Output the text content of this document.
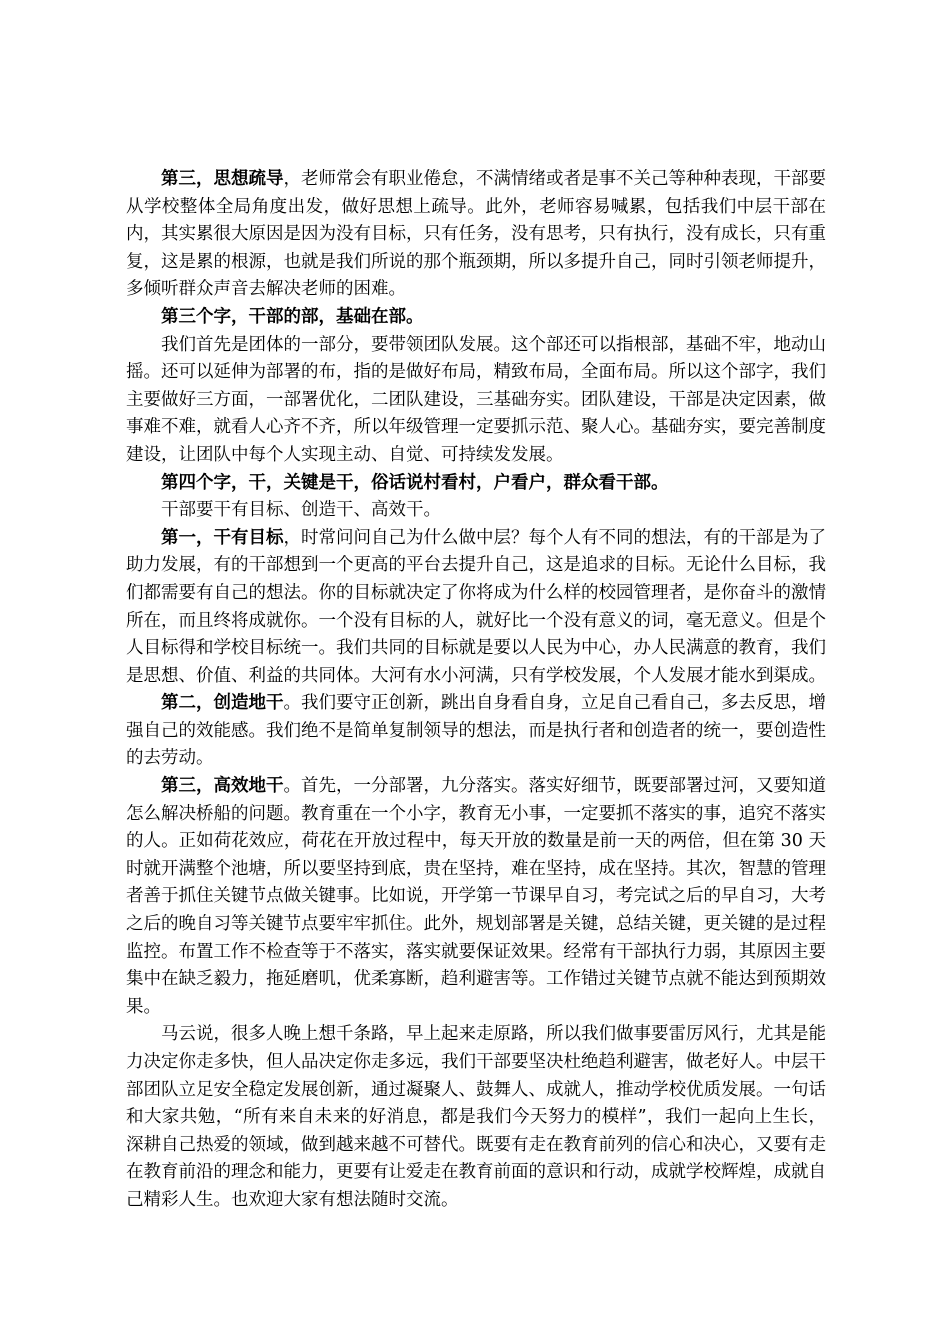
第三，思想疏导，老师常会有职业倦怠，不满情绪或者是事不关己等种种表现，干部要从学校整体全局角度出发，做好思想上疏导。此外，老师容易喊累，包括我们中层干部在内，其实累很大原因是因为没有目标，只有任务，没有思考，只有执行，没有成长，只有重复，这是累的根源，也就是我们所说的那个瓶颈期，所以多提升自己，同时引领老师提升，多倾听群众声音去解决老师的困难。

第三个字，干部的部，基础在部。

我们首先是团体的一部分，要带领团队发展。这个部还可以指根部，基础不牢，地动山摇。还可以延伸为部署的布，指的是做好布局，精致布局，全面布局。所以这个部字，我们主要做好三方面，一部署优化，二团队建设，三基础夯实。团队建设，干部是决定因素，做事难不难，就看人心齐不齐，所以年级管理一定要抓示范、聚人心。基础夯实，要完善制度建设，让团队中每个人实现主动、自觉、可持续发发展。

第四个字，干，关键是干，俗话说村看村，户看户，群众看干部。

干部要干有目标、创造干、高效干。

第一，干有目标，时常问问自己为什么做中层？每个人有不同的想法，有的干部是为了助力发展，有的干部想到一个更高的平台去提升自己，这是追求的目标。无论什么目标，我们都需要有自己的想法。你的目标就决定了你将成为什么样的校园管理者，是你奋斗的激情所在，而且终将成就你。一个没有目标的人，就好比一个没有意义的词，毫无意义。但是个人目标得和学校目标统一。我们共同的目标就是要以人民为中心，办人民满意的教育，我们是思想、价值、利益的共同体。大河有水小河满，只有学校发展，个人发展才能水到渠成。

第二，创造地干。我们要守正创新，跳出自身看自身，立足自己看自己，多去反思，增强自己的效能感。我们绝不是简单复制领导的想法，而是执行者和创造者的统一，要创造性的去劳动。

第三，高效地干。首先，一分部署，九分落实。落实好细节，既要部署过河，又要知道怎么解决桥船的问题。教育重在一个小字，教育无小事，一定要抓不落实的事，追究不落实的人。正如荷花效应，荷花在开放过程中，每天开放的数量是前一天的两倍，但在第 30 天时就开满整个池塘，所以要坚持到底，贵在坚持，难在坚持，成在坚持。其次，智慧的管理者善于抓住关键节点做关键事。比如说，开学第一节课早自习，考完试之后的早自习，大考之后的晚自习等关键节点要牢牢抓住。此外，规划部署是关键，总结关键，更关键的是过程监控。布置工作不检查等于不落实，落实就要保证效果。经常有干部执行力弱，其原因主要集中在缺乏毅力，拖延磨叽，优柔寡断，趋利避害等。工作错过关键节点就不能达到预期效果。

马云说，很多人晚上想千条路，早上起来走原路，所以我们做事要雷厉风行，尤其是能力决定你走多快，但人品决定你走多远，我们干部要坚决杜绝趋利避害，做老好人。中层干部团队立足安全稳定发展创新，通过凝聚人、鼓舞人、成就人，推动学校优质发展。一句话和大家共勉，“所有来自未来的好消息，都是我们今天努力的模样”，我们一起向上生长，深耕自己热爱的领域，做到越来越不可替代。既要有走在教育前列的信心和决心，又要有走在教育前沿的理念和能力，更要有让爱走在教育前面的意识和行动，成就学校辉煌，成就自己精彩人生。也欢迎大家有想法随时交流。
